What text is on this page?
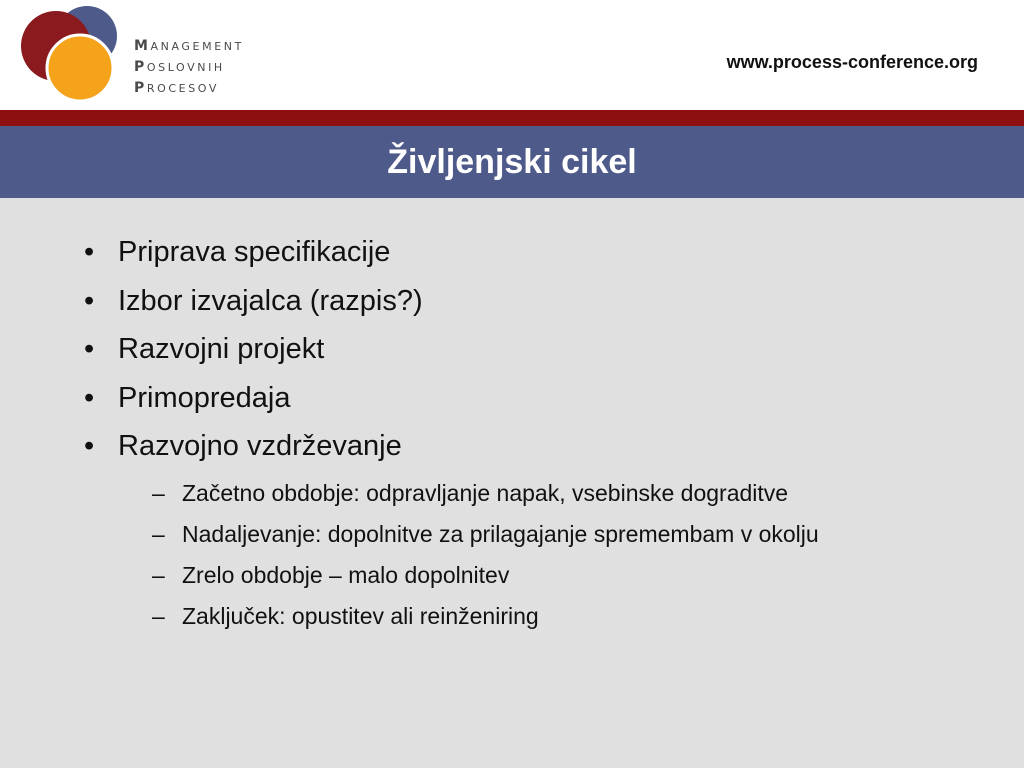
MANAGEMENT
POSLOVNIH
PROCESOV
www.process-conference.org
Življenjski cikel
• Priprava specifikacije
• Izbor izvajalca (razpis?)
• Razvojni projekt
• Primopredaja
• Razvojno vzdrževanje
– Začetno obdobje: odpravljanje napak, vsebinske dograditve
– Nadaljevanje: dopolnitve za prilagajanje spremembam v okolju
– Zrelo obdobje – malo dopolnitev
– Zaključek: opustitev ali reinženiring
